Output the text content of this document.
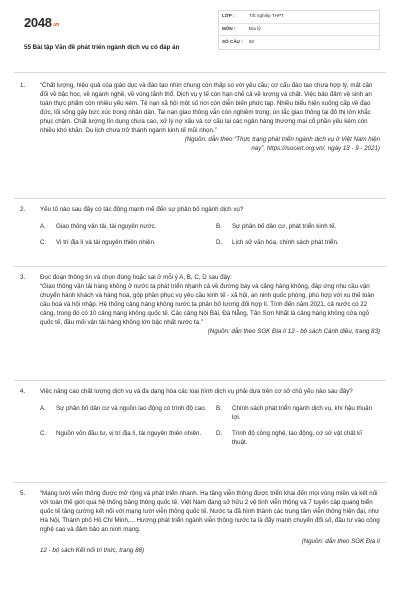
$2048^{.vn}$
55 Bài tập Văn đề phát triển ngành dịch vụ có đáp án
LỚP :	Tốt nghiệp THPT
MÔN :	Địa lý
SỐ CÂU :	60
1. “Chất lượng, hiệu quả của giáo dục và đào tạo nhìn chung còn thấp so với yêu cầu; cơ cấu đào tạo chưa hợp lý, mất cân đối về bậc học, về ngành nghề, về vùng lãnh thổ. Dịch vụ y tế còn hạn chế cả về lượng và chất. Việc bảo đảm vệ sinh an toàn thực phẩm còn nhiều yếu kém. Tệ nạn xã hội một số nơi còn diễn biến phức tạp. Nhiều biểu hiện xuống cấp về đạo đức, lối sống gây bức xúc trong nhân dân. Tai nạn giao thông vẫn còn nghiêm trọng; ùn tắc giao thông tại đô thị lớn khắc phục chậm. Chất lượng tín dụng chưa cao, xử lý nợ xấu và cơ cấu lại các ngân hàng thương mại cổ phần yếu kém còn nhiều khó khăn. Du lịch chưa trở thành ngành kinh tế mũi nhọn.”
(Nguồn: dẫn theo “Thực trạng phát triển ngành dịch vụ ở Việt Nam hiện nay”, https://isocert.org.vn/, ngày 13 - 9 - 2021)
2. Yếu tố nào sau đây có tác động mạnh mẽ đến sự phân bố ngành dịch vụ?
A.	Giao thông vận tải, tài nguyên nước.	B.	Sự phân bố dân cư, phát triển kinh tế.
C.	Vị trí địa lí và tài nguyên thiên nhiên.	D.	Lịch sử văn hóa, chính sách phát triển.
3. Đọc đoạn thông tin và chọn đúng hoặc sai ở mỗi ý A, B, C, D sau đây:
“Giao thông vận tải hàng không ở nước ta phát triển nhanh cả về đường bay và cảng hàng không, đáp ứng nhu cầu vận chuyển hành khách và hàng hoá, góp phần phục vụ yêu cầu kinh tế - xã hội, an ninh quốc phòng, phù hợp với xu thế toàn cầu hoá và hội nhập. Hệ thống cảng hàng không nước ta phân bố tương đối hợp lí. Tính đến năm 2021, cả nước có 22 cảng, trong đó có 10 cảng hàng không quốc tế. Các cảng Nội Bài, Đà Nẵng, Tân Sơn Nhất là cảng hàng không cửa ngõ quốc tế, đầu mối vận tải hàng không lớn bậc nhất nước ta.”
(Nguồn: dẫn theo SGK Địa lí 12 - bộ sách Cánh diều, trang 83)
4. Việc nâng cao chất lượng dịch vụ và đa dạng hóa các loại hình dịch vụ phải dựa trên cơ sở chủ yếu nào sau đây?
A.	Sự phân bố dân cư và nguồn lao động có trình độ cao.	B.	Chính sách phát triển ngành dịch vụ, khí hậu thuận lợi.
C.	Nguồn vốn đầu tư, vị trí địa lí, tài nguyên thiên nhiên.	D.	Trình độ công nghệ, lao động, cơ sở vật chất kĩ thuật.
5. “Mạng lưới viễn thông được mở rộng và phát triển nhanh. Hạ tầng viễn thông được triển khai đến mọi vùng miền và kết nối với toàn thế giới qua hệ thống băng thông quốc tế. Việt Nam đang sở hữu 2 vệ tinh viễn thông và 7 tuyến cáp quang biển quốc tế tăng cường kết nối với mạng lưới viễn thông quốc tế. Nước ta đã hình thành các trung tâm viễn thông hiện đại, như Hà Nội, Thành phố Hồ Chí Minh,... Hướng phát triển ngành viễn thông nước ta là đẩy mạnh chuyển đổi số, đầu tư vào công nghệ cao và đảm bảo an ninh mạng.
(Nguồn: dẫn theo SGK Địa lí
12 - bộ sách Kết nối tri thức, trang 88)
